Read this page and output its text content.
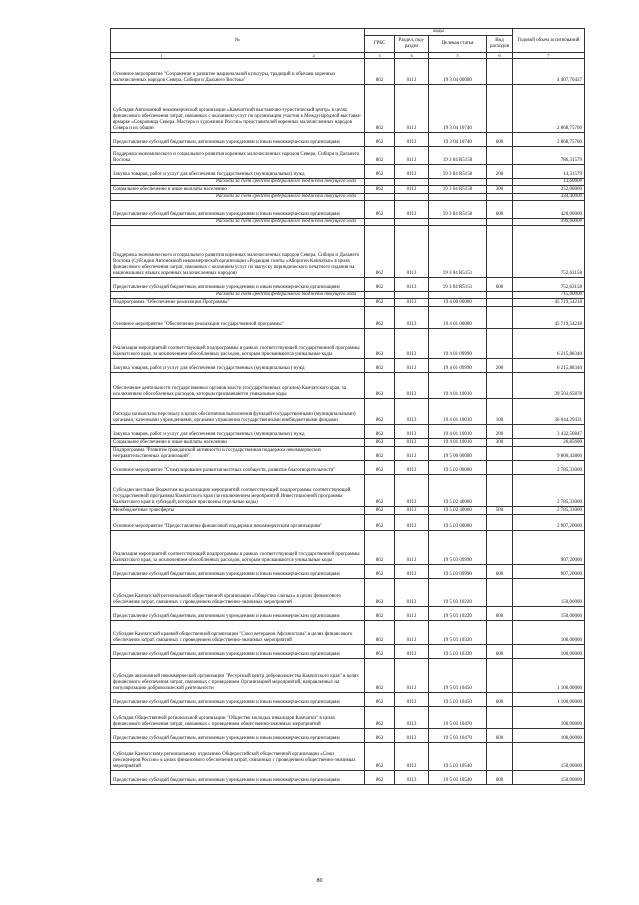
№	коды				Годовой объем ассигнований
	ГРБС	Раздел, под-раздел	Целевая статья	Вид расходов	
1 2	3	4	5	6	7
Основное мероприятие "Сохранение и развитие национальной культуры, традиций и обычаев коренных малочисленных народов Севера, Сибири и Дальнего Востока"	862	0113	19 3 04 00000		4 407,70437
Субсидия Автономной некоммерческой организации «Камчатский выставочно-туристический центр» в целях финансового обеспечения затрат, связанных с оказанием услуг по организации участия в Международной выставке-ярмарке «Сокровища Севера. Мастера и художники России» представителей коренных малочисленных народов Севера и их общин	862	0113	19 3 04 10740		2 868,75700
Предоставление субсидий бюджетным, автономным учреждениям и иным некоммерческим организациям	862	0113	19 3 04 10740	600	2 868,75700
Поддержка экономического и социального развития коренных малочисленных народов Севера, Сибири и Дальнего Востока	862	0113	19 3 04 R5150		786,31579
Закупка товаров, работ и услуг для обеспечения государственных (муниципальных) нужд	862	0113	19 3 04 R5150	200	14,31579
Расходы за счет средств федерального бюджета текущего года					13,60000
Социальное обеспечение и иные выплаты населению	862	0113	19 3 04 R5150	300	352,00000
Расходы за счет средств федерального бюджета текущего года					334,40000
Предоставление субсидий бюджетным, автономным учреждениям и иным некоммерческим организациям	862	0113	19 3 04 R5150	600	420,00000
Расходы за счет средств федерального бюджета текущего года					399,00000
Поддержка экономического и социального развития коренных малочисленных народов Севера, Сибири и Дальнего Востока (Субсидия Автономной некоммерческой организации «Редакция газеты «Абориген Камчатки» в целях финансового обеспечения затрат, связанных с оказанием услуг по выпуску периодического печатного издания на национальных языках коренных малочисленных народов)	862	0113	19 3 04 R5151		752,63158
Предоставление субсидий бюджетным, автономным учреждениям и иным некоммерческим организациям	862	0113	19 3 04 R5151	600	752,63158
Расходы за счет средств федерального бюджета текущего года					715,00000
Подпрограмма "Обеспечение реализации Программы"	862	0113	19 4 00 00000		45 719,54218
Основное мероприятие "Обеспечение реализации государственной программы"	862	0113	19 4 01 00000		45 719,54218
Реализация мероприятий соответствующей подпрограммы в рамках соответствующей государственной программы Камчатского края, за исключением обособленных расходов, которым присваиваются уникальные коды	862	0113	19 4 01 09990		6 215,88340
Закупка товаров, работ и услуг для обеспечения государственных (муниципальных) нужд	862	0113	19 4 01 09990	200	6 215,88340
Обеспечение деятельности государственных органов власти (государственных органов) Камчатского края, за исключением обособленных расходов, которым присваиваются уникальные коды	862	0113	19 4 01 10010		39 503,65878
Расходы на выплаты персоналу в целях обеспечения выполнения функций государственными (муниципальными) органами, казенными учреждениями, органами управления государственными внебюджетными фондами	862	0113	19 4 01 10010	100	36 044,29431
Закупка товаров, работ и услуг для обеспечения государственных (муниципальных) нужд	862	0113	19 4 01 10010	200	3 432,50847
Социальное обеспечение и иные выплаты населению	862	0113	19 4 01 10010	300	26,85600
Подпрограмма "Развитие гражданской активности и государственная поддержка некоммерческих неправительственных организаций"	862	0113	19 5 00 00000		9 806,43800
Основное мероприятие "Стимулирование развития местных сообществ, развитие благотворительности"	862	0113	19 5 02 00000		2 785,33000
Субсидии местным бюджетам на реализацию мероприятий соответствующей подпрограммы соответствующей государственной программы Камчатского края (за исключением мероприятий Инвестиционной программы Камчатского края и субсидий, которым присвоены отдельные коды)	862	0113	19 5 02 40060		2 785,33000
Межбюджетные трансферты	862	0113	19 5 02 40060	500	2 785,33000
Основное мероприятие "Предоставление финансовой поддержки некоммерческим организациям"	862	0113	19 5 03 00000		2 907,20000
Реализация мероприятий соответствующей подпрограммы в рамках соответствующей государственной программы Камчатского края, за исключением обособленных расходов, которым присваиваются уникальные коды	862	0113	19 5 03 09990		907,20000
Предоставление субсидий бюджетным, автономным учреждениям и иным некоммерческим организациям	862	0113	19 5 03 09990	600	907,20000
Субсидия Камчатской региональной общественной организации «Общество слепых» в целях финансового обеспечения затрат, связанных с проведением общественно-значимых мероприятий	862	0113	19 5 03 10220		150,00000
Предоставление субсидий бюджетным, автономным учреждениям и иным некоммерческим организациям	862	0113	19 5 03 10220	600	150,00000
Субсидия Камчатской краевой общественной организации "Союз ветеранов Афганистана" в целях финансового обеспечения затрат, связанных с проведением общественно-значимых мероприятий	862	0113	19 5 03 10320		100,00000
Предоставление субсидий бюджетным, автономным учреждениям и иным некоммерческим организациям	862	0113	19 5 03 10320	600	100,00000
Субсидия автономной некоммерческой организации "Ресурсный центр добровольчества Камчатского края" в целях финансового обеспечения затрат, связанных с проведением Организацией мероприятий, направленных на популяризацию добровольческой деятельности	862	0113	19 5 03 10450		1 100,00000
Предоставление субсидий бюджетным, автономным учреждениям и иным некоммерческим организациям	862	0113	19 5 03 10450	600	1 100,00000
Субсидия Общественной региональной организации "Общество молодых инвалидов Камчатки" в целях финансового обеспечения затрат, связанных с проведением общественно-значимых мероприятий	862	0113	19 5 03 10470		100,00000
Предоставление субсидий бюджетным, автономным учреждениям и иным некоммерческим организациям	862	0113	19 5 03 10470	600	100,00000
Субсидия Камчатскому региональному отделению Общероссийской общественной организации «Союз пенсионеров России» в целях финансового обеспечения затрат, связанных с проведением общественно-значимых мероприятий	862	0113	19 5 03 10540		150,00000
Предоставление субсидий бюджетным, автономным учреждениям и иным некоммерческим организациям	862	0113	19 5 03 10540	600	150,00000
80
